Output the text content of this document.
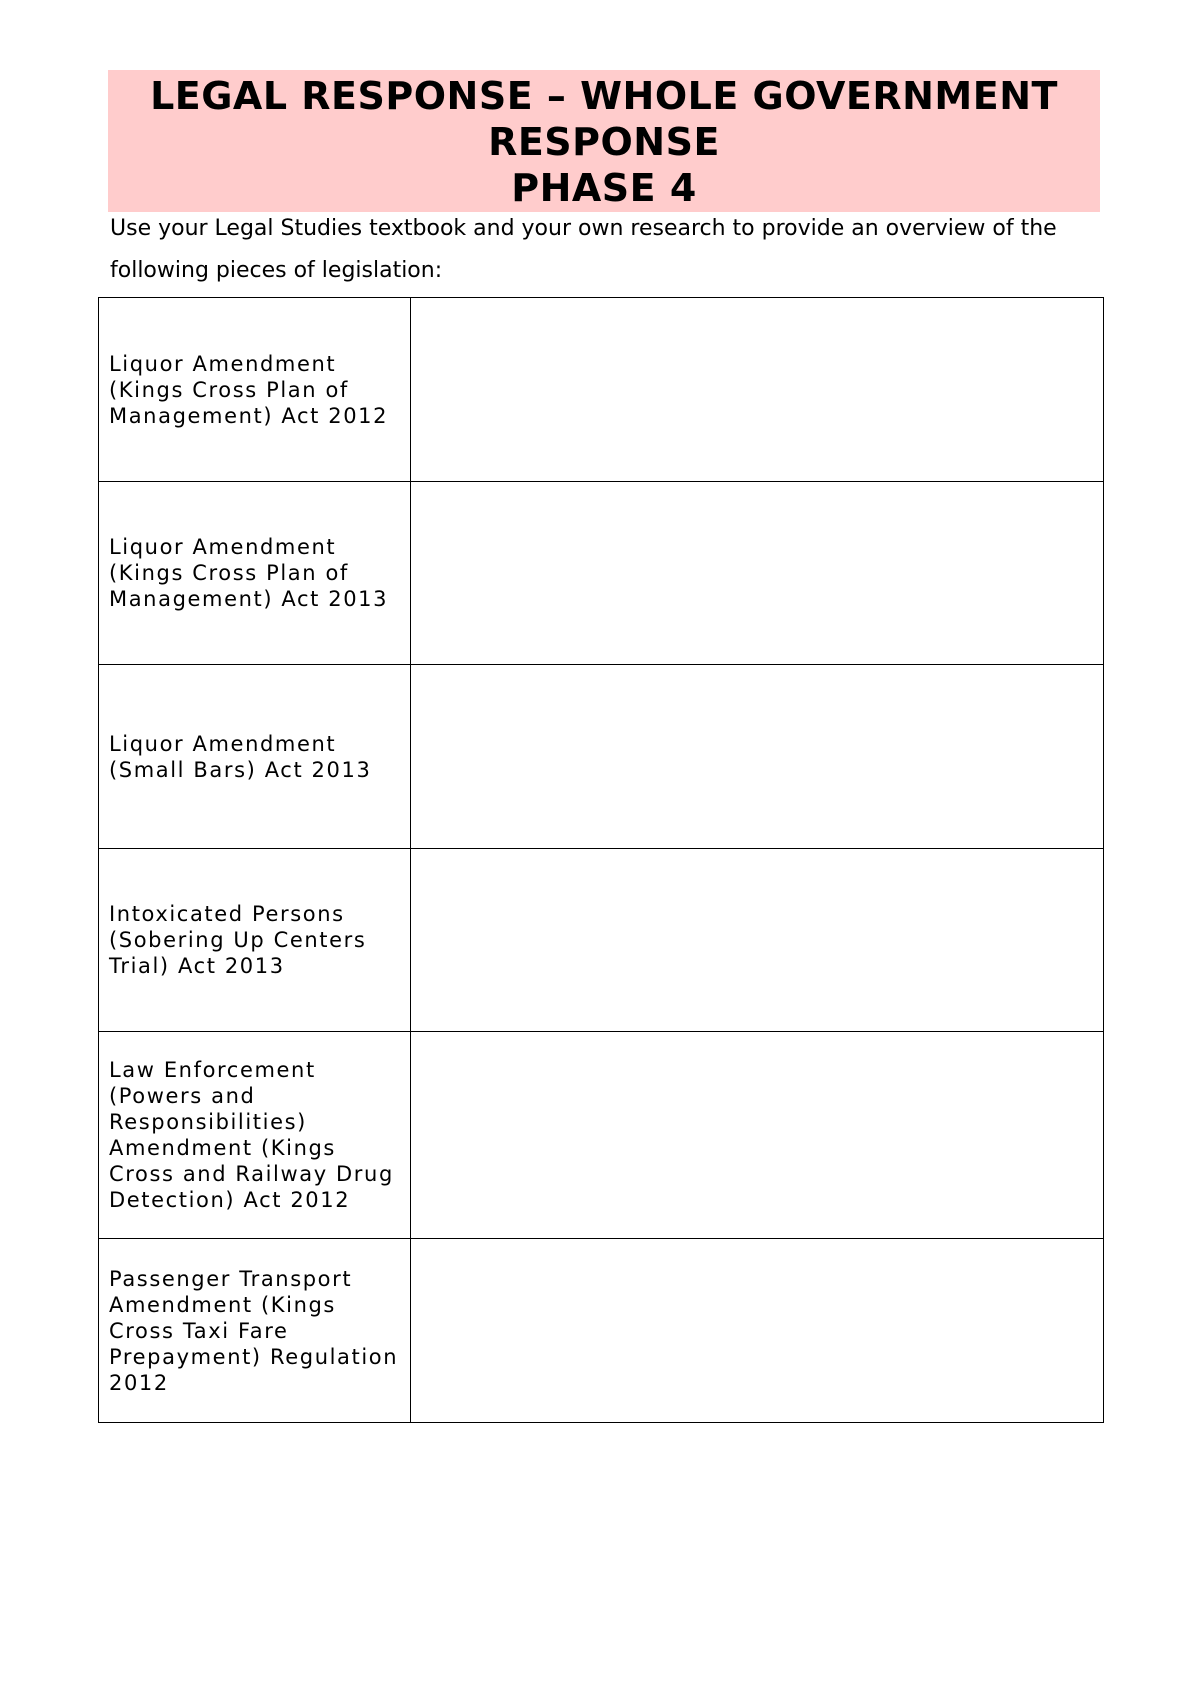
LEGAL RESPONSE – WHOLE GOVERNMENT
RESPONSE
PHASE 4

Use your Legal Studies textbook and your own research to provide an overview of the following pieces of legislation:

Liquor Amendment (Kings Cross Plan of Management) Act 2012	
Liquor Amendment (Kings Cross Plan of Management) Act 2013	
Liquor Amendment (Small Bars) Act 2013	
Intoxicated Persons (Sobering Up Centers Trial) Act 2013	
Law Enforcement (Powers and Responsibilities) Amendment (Kings Cross and Railway Drug Detection) Act 2012	
Passenger Transport Amendment (Kings Cross Taxi Fare Prepayment) Regulation 2012	
